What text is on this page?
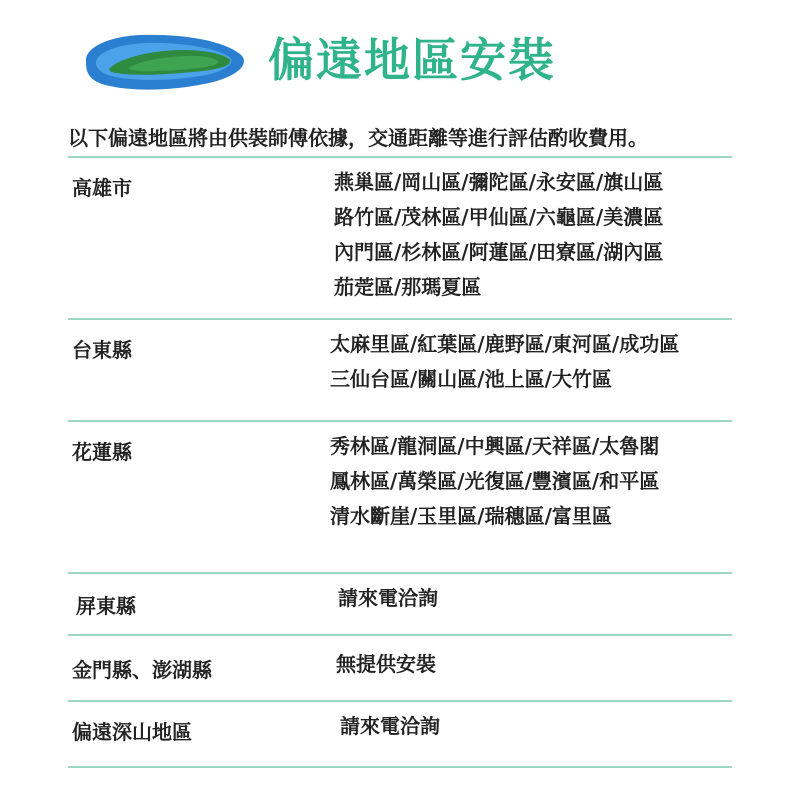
偏遠地區安裝
以下偏遠地區將由供裝師傅依據，交通距離等進行評估酌收費用。
高雄市	燕巢區/岡山區/彌陀區/永安區/旗山區
路竹區/茂林區/甲仙區/六龜區/美濃區
內門區/杉林區/阿蓮區/田寮區/湖內區
茄萣區/那瑪夏區
台東縣	太麻里區/紅葉區/鹿野區/東河區/成功區
三仙台區/關山區/池上區/大竹區
花蓮縣	秀林區/龍洞區/中興區/天祥區/太魯閣
鳳林區/萬榮區/光復區/豐濱區/和平區
清水斷崖/玉里區/瑞穗區/富里區
屏東縣	請來電洽詢
金門縣、澎湖縣	無提供安裝
偏遠深山地區	請來電洽詢
